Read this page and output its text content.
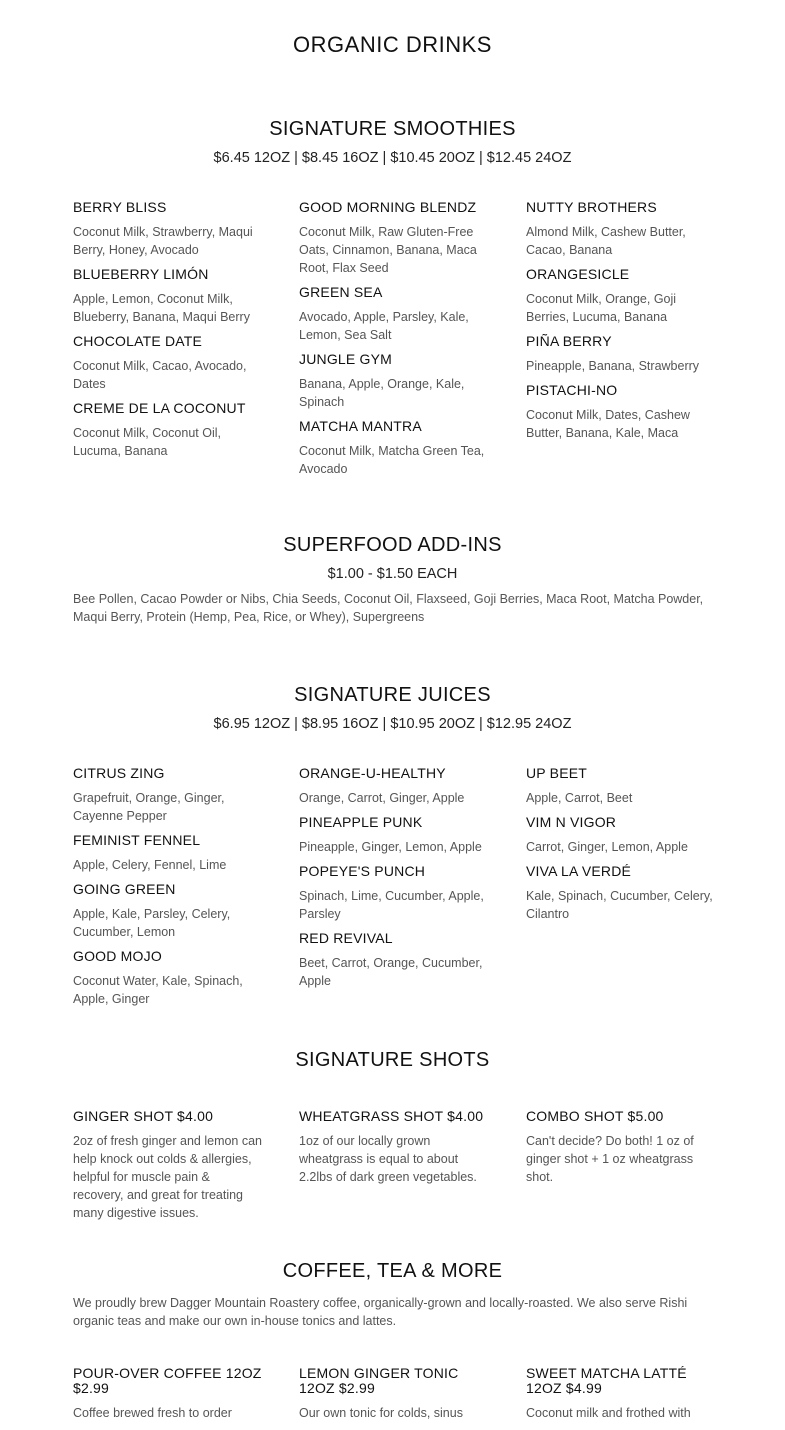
ORGANIC DRINKS
SIGNATURE SMOOTHIES
$6.45 12OZ | $8.45 16OZ | $10.45 20OZ | $12.45 24OZ
BERRY BLISS
Coconut Milk, Strawberry, Maqui Berry, Honey, Avocado
BLUEBERRY LIMÓN
Apple, Lemon, Coconut Milk, Blueberry, Banana, Maqui Berry
CHOCOLATE DATE
Coconut Milk, Cacao, Avocado, Dates
CREME DE LA COCONUT
Coconut Milk, Coconut Oil, Lucuma, Banana
GOOD MORNING BLENDZ
Coconut Milk, Raw Gluten-Free Oats, Cinnamon, Banana, Maca Root, Flax Seed
GREEN SEA
Avocado, Apple, Parsley, Kale, Lemon, Sea Salt
JUNGLE GYM
Banana, Apple, Orange, Kale, Spinach
MATCHA MANTRA
Coconut Milk, Matcha Green Tea, Avocado
NUTTY BROTHERS
Almond Milk, Cashew Butter, Cacao, Banana
ORANGESICLE
Coconut Milk, Orange, Goji Berries, Lucuma, Banana
PIÑA BERRY
Pineapple, Banana, Strawberry
PISTACHI-NO
Coconut Milk, Dates, Cashew Butter, Banana, Kale, Maca
SUPERFOOD ADD-INS
$1.00 - $1.50 EACH
Bee Pollen, Cacao Powder or Nibs, Chia Seeds, Coconut Oil, Flaxseed, Goji Berries, Maca Root, Matcha Powder, Maqui Berry, Protein (Hemp, Pea, Rice, or Whey), Supergreens
SIGNATURE JUICES
$6.95 12OZ | $8.95 16OZ | $10.95 20OZ | $12.95 24OZ
CITRUS ZING
Grapefruit, Orange, Ginger, Cayenne Pepper
FEMINIST FENNEL
Apple, Celery, Fennel, Lime
GOING GREEN
Apple, Kale, Parsley, Celery, Cucumber, Lemon
GOOD MOJO
Coconut Water, Kale, Spinach, Apple, Ginger
ORANGE-U-HEALTHY
Orange, Carrot, Ginger, Apple
PINEAPPLE PUNK
Pineapple, Ginger, Lemon, Apple
POPEYE'S PUNCH
Spinach, Lime, Cucumber, Apple, Parsley
RED REVIVAL
Beet, Carrot, Orange, Cucumber, Apple
UP BEET
Apple, Carrot, Beet
VIM N VIGOR
Carrot, Ginger, Lemon, Apple
VIVA LA VERDÉ
Kale, Spinach, Cucumber, Celery, Cilantro
SIGNATURE SHOTS
GINGER SHOT $4.00
2oz of fresh ginger and lemon can help knock out colds & allergies, helpful for muscle pain & recovery, and great for treating many digestive issues.
WHEATGRASS SHOT $4.00
1oz of our locally grown wheatgrass is equal to about 2.2lbs of dark green vegetables.
COMBO SHOT $5.00
Can't decide? Do both! 1 oz of ginger shot + 1 oz wheatgrass shot.
COFFEE, TEA & MORE
We proudly brew Dagger Mountain Roastery coffee, organically-grown and locally-roasted. We also serve Rishi organic teas and make our own in-house tonics and lattes.
POUR-OVER COFFEE 12OZ $2.99
Coffee brewed fresh to order
LEMON GINGER TONIC 12OZ $2.99
Our own tonic for colds, sinus
SWEET MATCHA LATTÉ 12OZ $4.99
Coconut milk and frothed with
